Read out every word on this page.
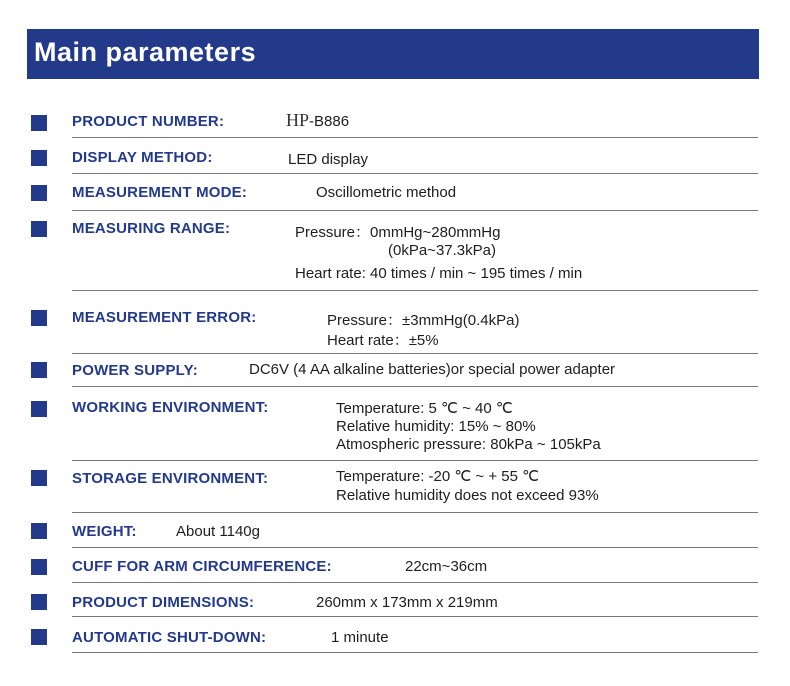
Main parameters
PRODUCT NUMBER:	HP-B886
DISPLAY METHOD:	LED display
MEASUREMENT MODE:	Oscillometric method
MEASURING RANGE:	Pressure：0mmHg~280mmHg
(0kPa~37.3kPa)
Heart rate: 40 times / min ~ 195 times / min
MEASUREMENT ERROR:	Pressure：±3mmHg(0.4kPa)
Heart rate：±5%
POWER SUPPLY:	DC6V (4 AA alkaline batteries)or special power adapter
WORKING ENVIRONMENT:	Temperature: 5 ℃ ~ 40 ℃
Relative humidity: 15% ~ 80%
Atmospheric pressure: 80kPa ~ 105kPa
STORAGE ENVIRONMENT:	Temperature: -20 ℃ ~ + 55 ℃
Relative humidity does not exceed 93%
WEIGHT:	About 1140g
CUFF FOR ARM CIRCUMFERENCE:	22cm~36cm
PRODUCT DIMENSIONS:	260mm x 173mm x 219mm
AUTOMATIC SHUT-DOWN:	1 minute
